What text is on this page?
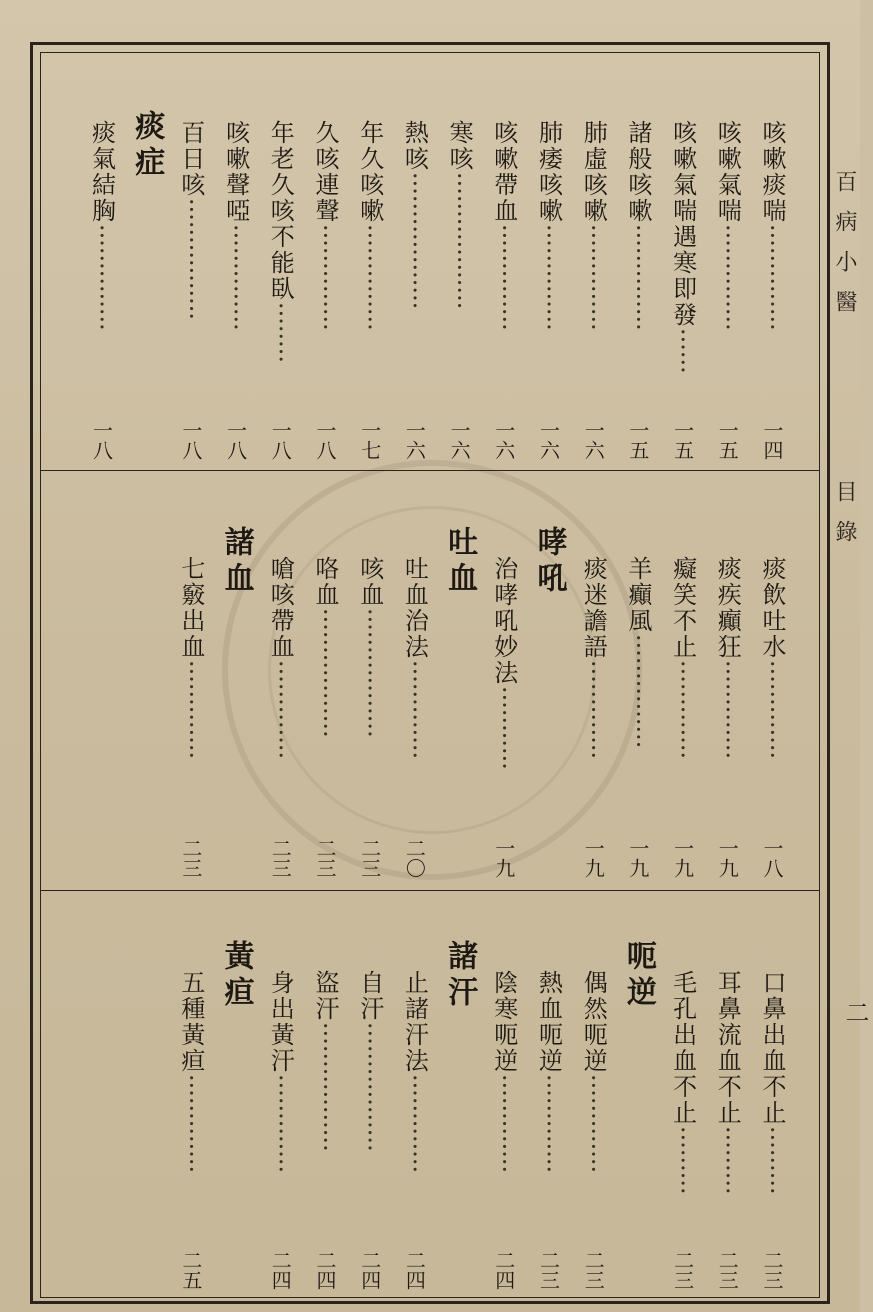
百病小醫
目錄
二
咳嗽痰喘··············
一四
咳嗽氣喘··············
一五
咳嗽氣喘遇寒即發······
一五
諸般咳嗽··············
一五
肺虛咳嗽··············
一六
肺痿咳嗽··············
一六
咳嗽帶血··············
一六
寒咳··················
一六
熱咳··················
一六
年久咳嗽··············
一七
久咳連聲··············
一八
年老久咳不能臥········
一八
咳嗽聲啞··············
一八
百日咳················
一八
痰症
痰氣結胸··············
一八
痰飲吐水·············
一八
痰疾癲狂·············
一九
癡笑不止·············
一九
羊癲風···············
一九
痰迷譫語·············
一九
哮吼
治哮吼妙法···········
一九
吐血
吐血治法·············
二〇
咳血·················
二三
咯血·················
二三
嗆咳帶血·············
二三
諸血
七竅出血·············
二三
口鼻出血不止·········
二三
耳鼻流血不止·········
二三
毛孔出血不止·········
二三
呃逆
偶然呃逆·············
二三
熱血呃逆·············
二三
陰寒呃逆·············
二四
諸汗
止諸汗法·············
二四
自汗·················
二四
盜汗·················
二四
身出黃汗·············
二四
黃疸
五種黃疸·············
二五
